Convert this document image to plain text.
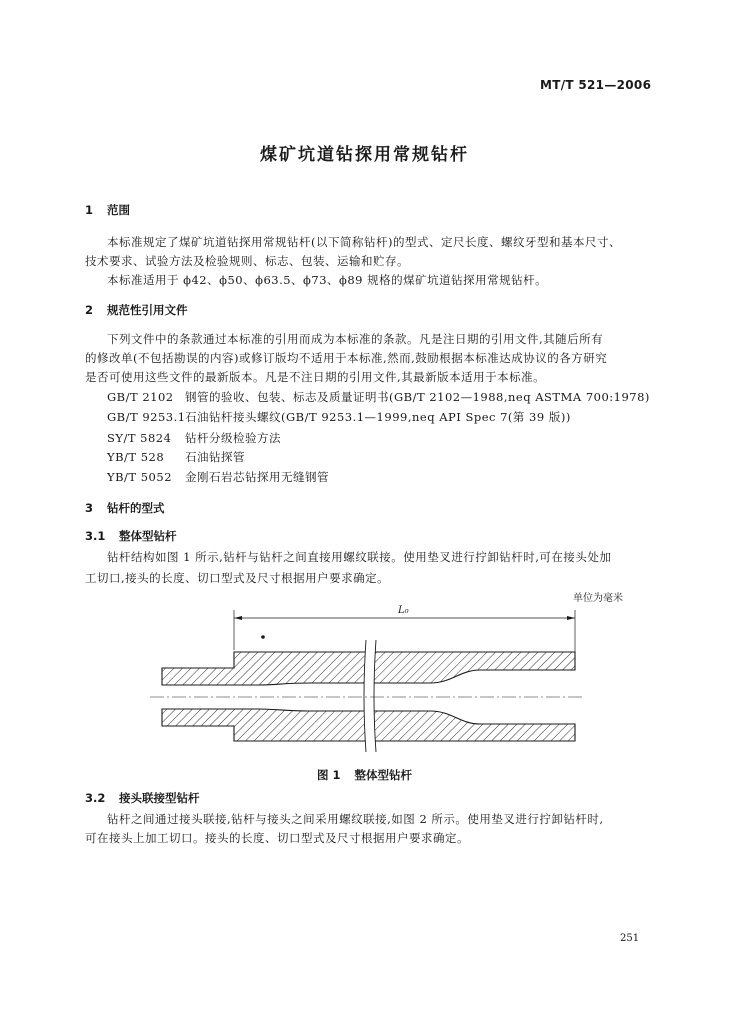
MT/T 521—2006
煤矿坑道钻探用常规钻杆
1 范围
本标准规定了煤矿坑道钻探用常规钻杆(以下简称钻杆)的型式、定尺长度、螺纹牙型和基本尺寸、
技术要求、试验方法及检验规则、标志、包装、运输和贮存。
本标准适用于 ϕ42、ϕ50、ϕ63.5、ϕ73、ϕ89 规格的煤矿坑道钻探用常规钻杆。
2 规范性引用文件
下列文件中的条款通过本标准的引用而成为本标准的条款。凡是注日期的引用文件,其随后所有
的修改单(不包括勘误的内容)或修订版均不适用于本标准,然而,鼓励根据本标准达成协议的各方研究
是否可使用这些文件的最新版本。凡是不注日期的引用文件,其最新版本适用于本标准。
GB/T 2102 钢管的验收、包装、标志及质量证明书(GB/T 2102—1988,neq ASTMA 700:1978)
GB/T 9253.1石油钻杆接头螺纹(GB/T 9253.1—1999,neq API Spec 7(第 39 版))
SY/T 5824 钻杆分级检验方法
YB/T 528 石油钻探管
YB/T 5052 金刚石岩芯钻探用无缝钢管
3 钻杆的型式
3.1 整体型钻杆
钻杆结构如图 1 所示,钻杆与钻杆之间直接用螺纹联接。使用垫叉进行拧卸钻杆时,可在接头处加
工切口,接头的长度、切口型式及尺寸根据用户要求确定。
单位为毫米
L₀
图 1 整体型钻杆
3.2 接头联接型钻杆
钻杆之间通过接头联接,钻杆与接头之间采用螺纹联接,如图 2 所示。使用垫叉进行拧卸钻杆时,
可在接头上加工切口。接头的长度、切口型式及尺寸根据用户要求确定。
251
